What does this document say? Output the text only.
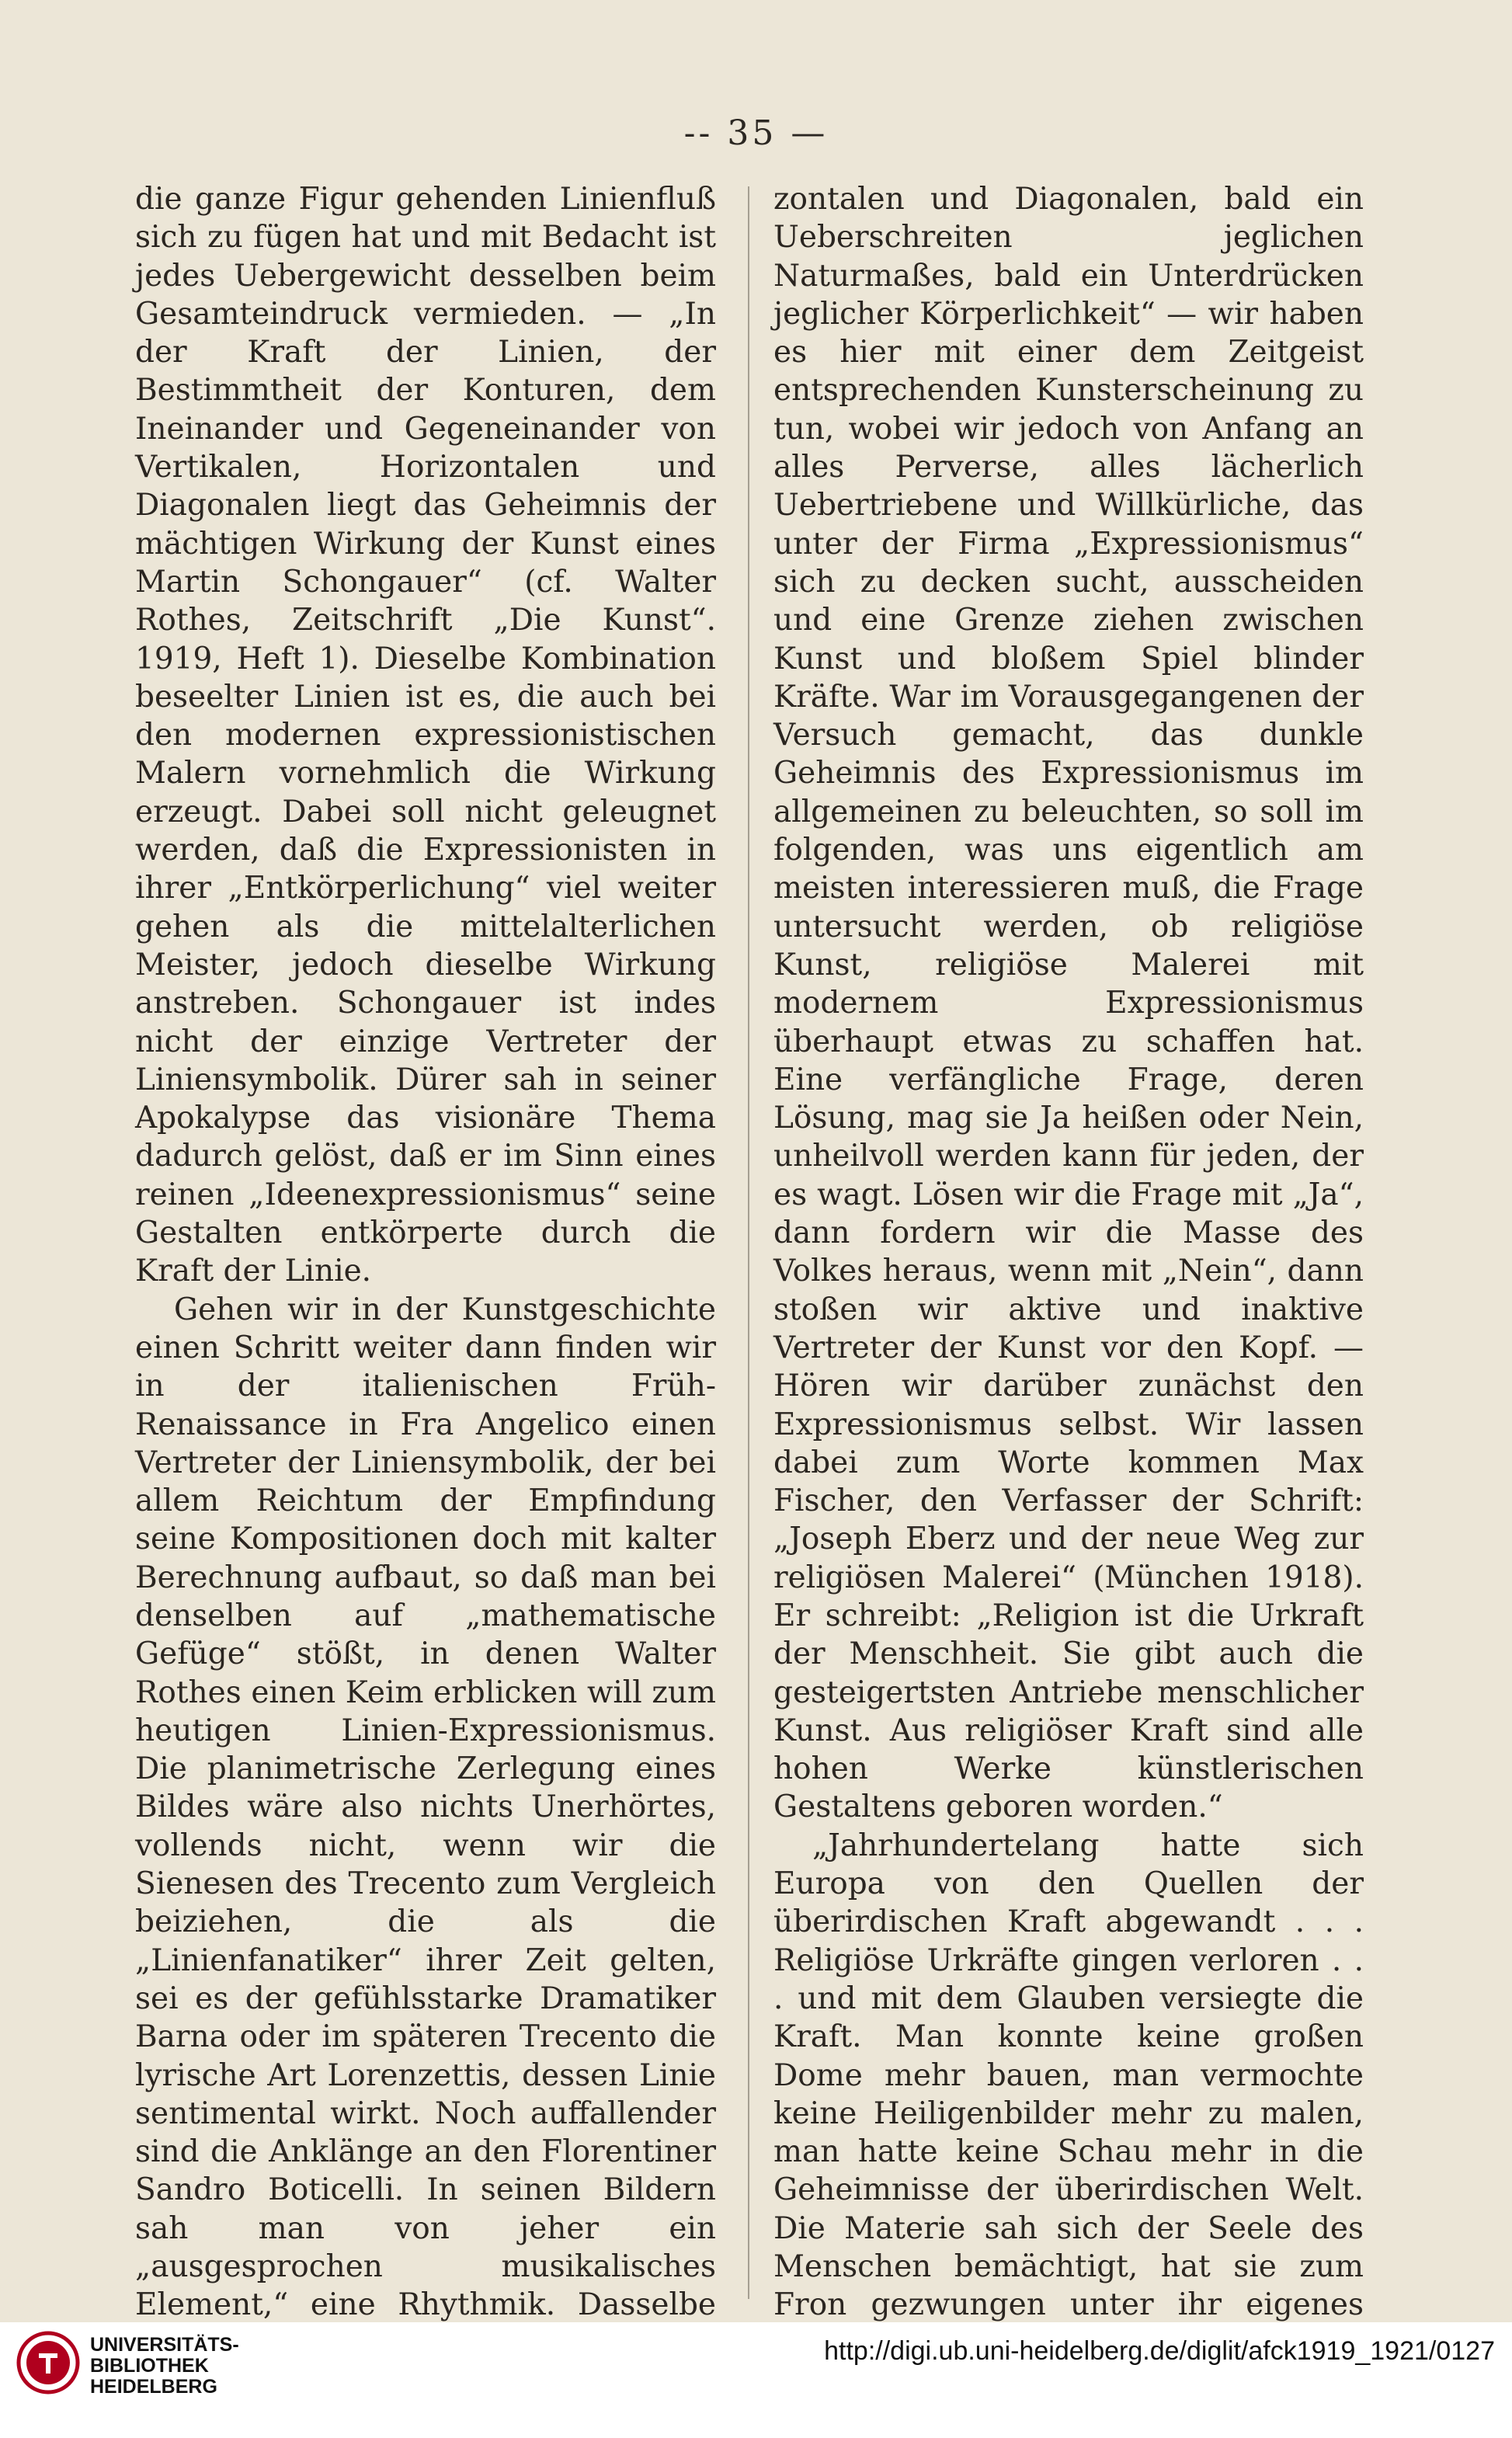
-- 35 —

die ganze Figur gehenden Linienfluß sich zu fügen hat und mit Bedacht ist jedes Uebergewicht desselben beim Gesamteindruck vermieden. — „In der Kraft der Linien, der Bestimmtheit der Konturen, dem Ineinander und Gegeneinander von Vertikalen, Horizontalen und Diagonalen liegt das Geheimnis der mächtigen Wirkung der Kunst eines Martin Schongauer“ (cf. Walter Rothes, Zeitschrift „Die Kunst“. 1919, Heft 1). Dieselbe Kombination beseelter Linien ist es, die auch bei den modernen expressionistischen Malern vornehmlich die Wirkung erzeugt. Dabei soll nicht geleugnet werden, daß die Expressionisten in ihrer „Entkörperlichung“ viel weiter gehen als die mittelalterlichen Meister, jedoch dieselbe Wirkung anstreben. Schongauer ist indes nicht der einzige Vertreter der Liniensymbolik. Dürer sah in seiner Apokalypse das visionäre Thema dadurch gelöst, daß er im Sinn eines reinen „Ideenexpressionismus“ seine Gestalten entkörperte durch die Kraft der Linie.

Gehen wir in der Kunstgeschichte einen Schritt weiter dann finden wir in der italienischen Früh-Renaissance in Fra Angelico einen Vertreter der Liniensymbolik, der bei allem Reichtum der Empfindung seine Kompositionen doch mit kalter Berechnung aufbaut, so daß man bei denselben auf „mathematische Gefüge“ stößt, in denen Walter Rothes einen Keim erblicken will zum heutigen Linien-Expressionismus. Die planimetrische Zerlegung eines Bildes wäre also nichts Unerhörtes, vollends nicht, wenn wir die Sienesen des Trecento zum Vergleich beiziehen, die als die „Linienfanatiker“ ihrer Zeit gelten, sei es der gefühlsstarke Dramatiker Barna oder im späteren Trecento die lyrische Art Lorenzettis, dessen Linie sentimental wirkt. Noch auffallender sind die Anklänge an den Florentiner Sandro Boticelli. In seinen Bildern sah man von jeher ein „ausgesprochen musikalisches Element,“ eine Rhythmik. Dasselbe

zontalen und Diagonalen, bald ein Ueberschreiten jeglichen Naturmaßes, bald ein Unterdrücken jeglicher Körperlichkeit“ — wir haben es hier mit einer dem Zeitgeist entsprechenden Kunsterscheinung zu tun, wobei wir jedoch von Anfang an alles Perverse, alles lächerlich Uebertriebene und Willkürliche, das unter der Firma „Expressionismus“ sich zu decken sucht, ausscheiden und eine Grenze ziehen zwischen Kunst und bloßem Spiel blinder Kräfte. War im Vorausgegangenen der Versuch gemacht, das dunkle Geheimnis des Expressionismus im allgemeinen zu beleuchten, so soll im folgenden, was uns eigentlich am meisten interessieren muß, die Frage untersucht werden, ob religiöse Kunst, religiöse Malerei mit modernem Expressionismus überhaupt etwas zu schaffen hat. Eine verfängliche Frage, deren Lösung, mag sie Ja heißen oder Nein, unheilvoll werden kann für jeden, der es wagt. Lösen wir die Frage mit „Ja“, dann fordern wir die Masse des Volkes heraus, wenn mit „Nein“, dann stoßen wir aktive und inaktive Vertreter der Kunst vor den Kopf. — Hören wir darüber zunächst den Expressionismus selbst. Wir lassen dabei zum Worte kommen Max Fischer, den Verfasser der Schrift: „Joseph Eberz und der neue Weg zur religiösen Malerei“ (München 1918). Er schreibt: „Religion ist die Urkraft der Menschheit. Sie gibt auch die gesteigertsten Antriebe menschlicher Kunst. Aus religiöser Kraft sind alle hohen Werke künstlerischen Gestaltens geboren worden.“

„Jahrhundertelang hatte sich Europa von den Quellen der überirdischen Kraft abgewandt . . . Religiöse Urkräfte gingen verloren . . . und mit dem Glauben versiegte die Kraft. Man konnte keine großen Dome mehr bauen, man vermochte keine Heiligenbilder mehr zu malen, man hatte keine Schau mehr in die Geheimnisse der überirdischen Welt. Die Materie sah sich der Seele des Menschen bemächtigt, hat sie zum Fron gezwungen unter ihr eigenes

UNIVERSITÄTS-
BIBLIOTHEK
HEIDELBERG
http://digi.ub.uni-heidelberg.de/diglit/afck1919_1921/0127
